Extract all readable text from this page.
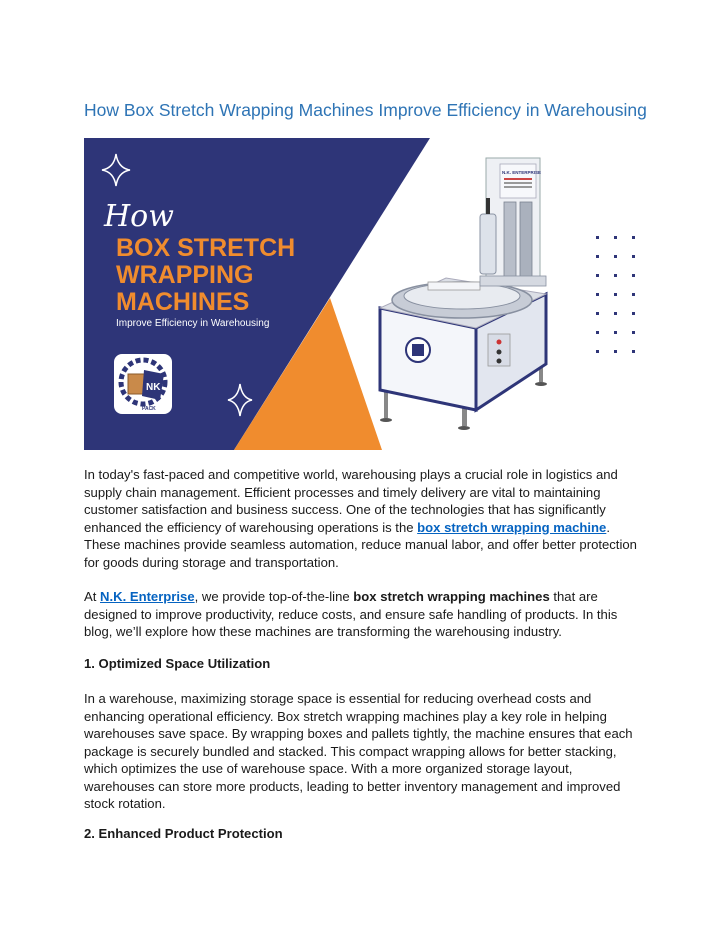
How Box Stretch Wrapping Machines Improve Efficiency in Warehousing
How
BOX STRETCH
WRAPPING
MACHINES
Improve Efficiency in Warehousing
NK
PACK
N.K. ENTERPRISE

In today's fast-paced and competitive world, warehousing plays a crucial role in logistics and supply chain management. Efficient processes and timely delivery are vital to maintaining customer satisfaction and business success. One of the technologies that has significantly enhanced the efficiency of warehousing operations is the box stretch wrapping machine. These machines provide seamless automation, reduce manual labor, and offer better protection for goods during storage and transportation.

At N.K. Enterprise, we provide top-of-the-line box stretch wrapping machines that are designed to improve productivity, reduce costs, and ensure safe handling of products. In this blog, we’ll explore how these machines are transforming the warehousing industry.

1. Optimized Space Utilization
In a warehouse, maximizing storage space is essential for reducing overhead costs and enhancing operational efficiency. Box stretch wrapping machines play a key role in helping warehouses save space. By wrapping boxes and pallets tightly, the machine ensures that each package is securely bundled and stacked. This compact wrapping allows for better stacking, which optimizes the use of warehouse space. With a more organized storage layout, warehouses can store more products, leading to better inventory management and improved stock rotation.
2. Enhanced Product Protection
